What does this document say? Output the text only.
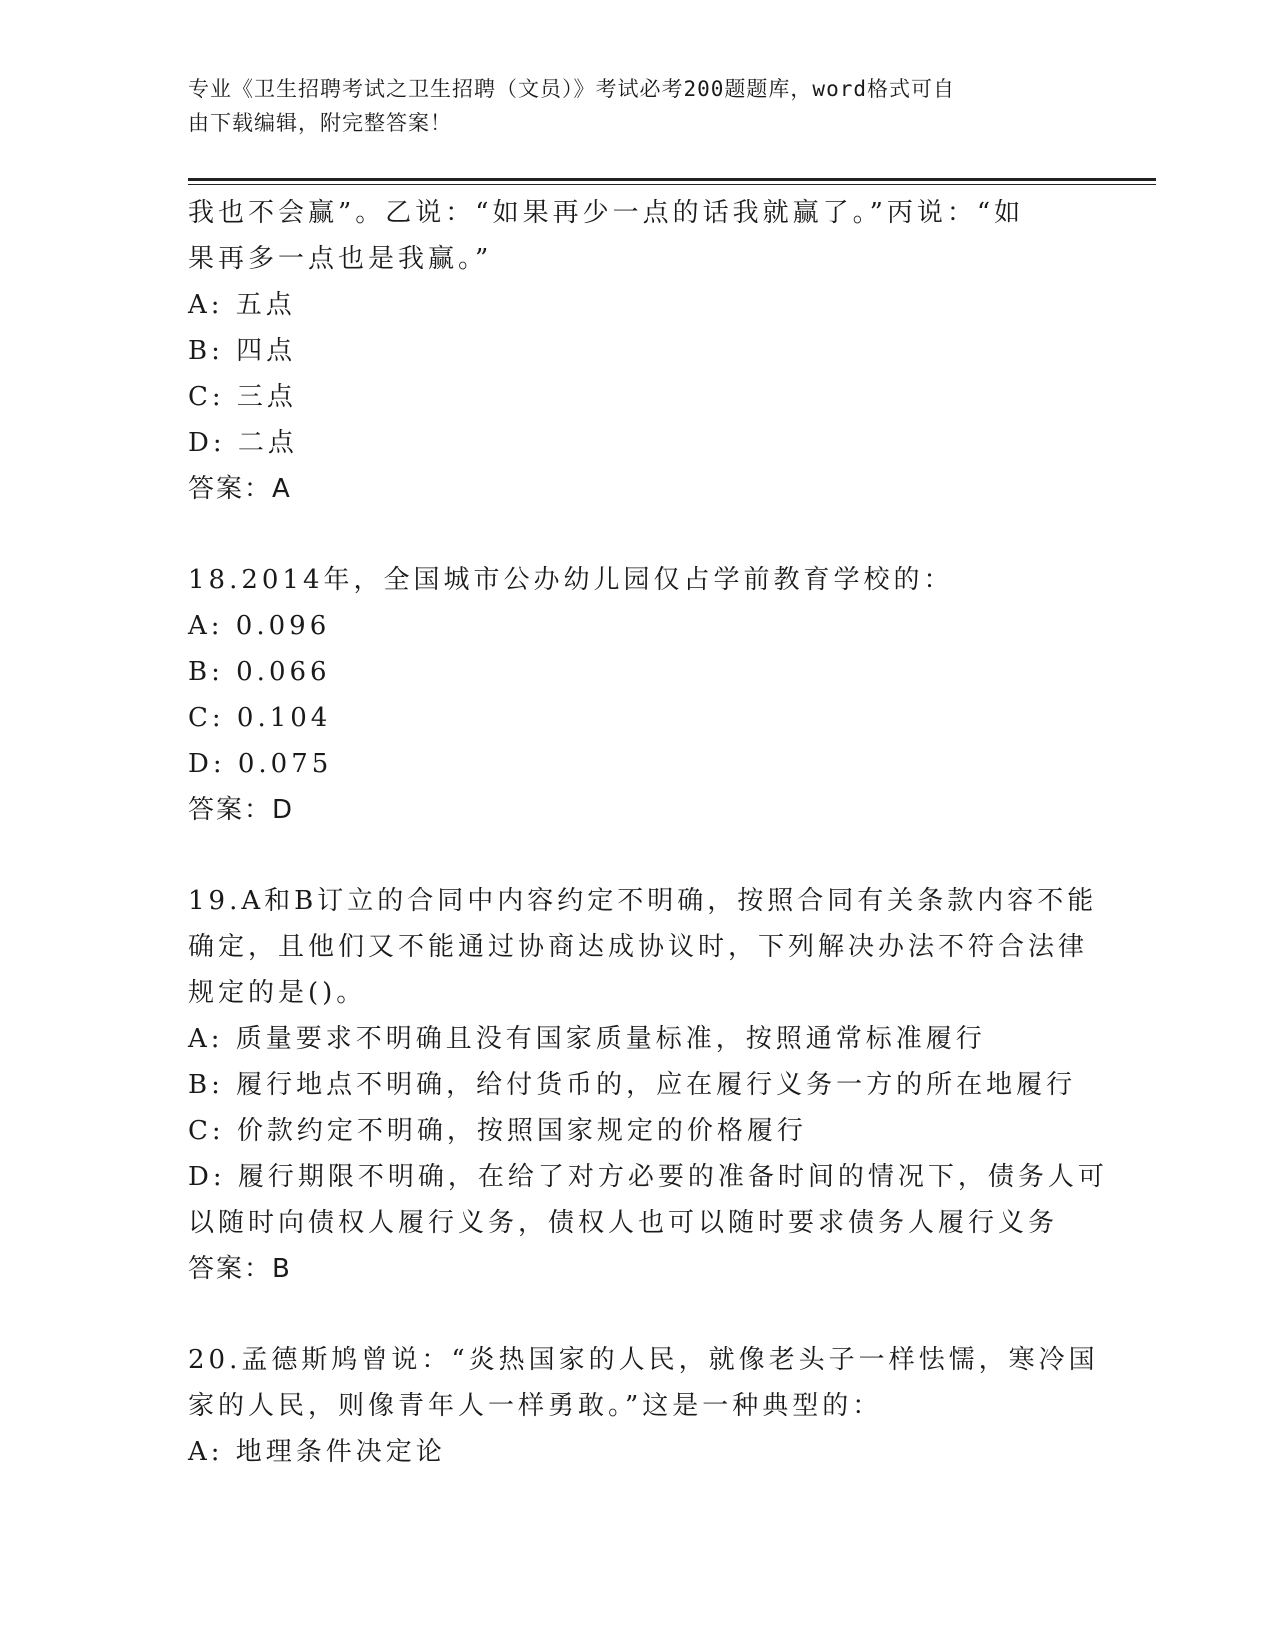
专业《卫生招聘考试之卫生招聘（文员）》考试必考200题题库，word格式可自
由下载编辑，附完整答案！
我也不会赢”。乙说：“如果再少一点的话我就赢了。”丙说：“如
果再多一点也是我赢。”
A: 五点
B: 四点
C: 三点
D: 二点
答案：A
18.2014年，全国城市公办幼儿园仅占学前教育学校的：
A: 0.096
B: 0.066
C: 0.104
D: 0.075
答案：D
19.A和B订立的合同中内容约定不明确，按照合同有关条款内容不能
确定，且他们又不能通过协商达成协议时，下列解决办法不符合法律
规定的是()。
A: 质量要求不明确且没有国家质量标准，按照通常标准履行
B: 履行地点不明确，给付货币的，应在履行义务一方的所在地履行
C: 价款约定不明确，按照国家规定的价格履行
D: 履行期限不明确，在给了对方必要的准备时间的情况下，债务人可
以随时向债权人履行义务，债权人也可以随时要求债务人履行义务
答案：B
20.孟德斯鸠曾说：“炎热国家的人民，就像老头子一样怯懦，寒冷国
家的人民，则像青年人一样勇敢。”这是一种典型的：
A: 地理条件决定论
